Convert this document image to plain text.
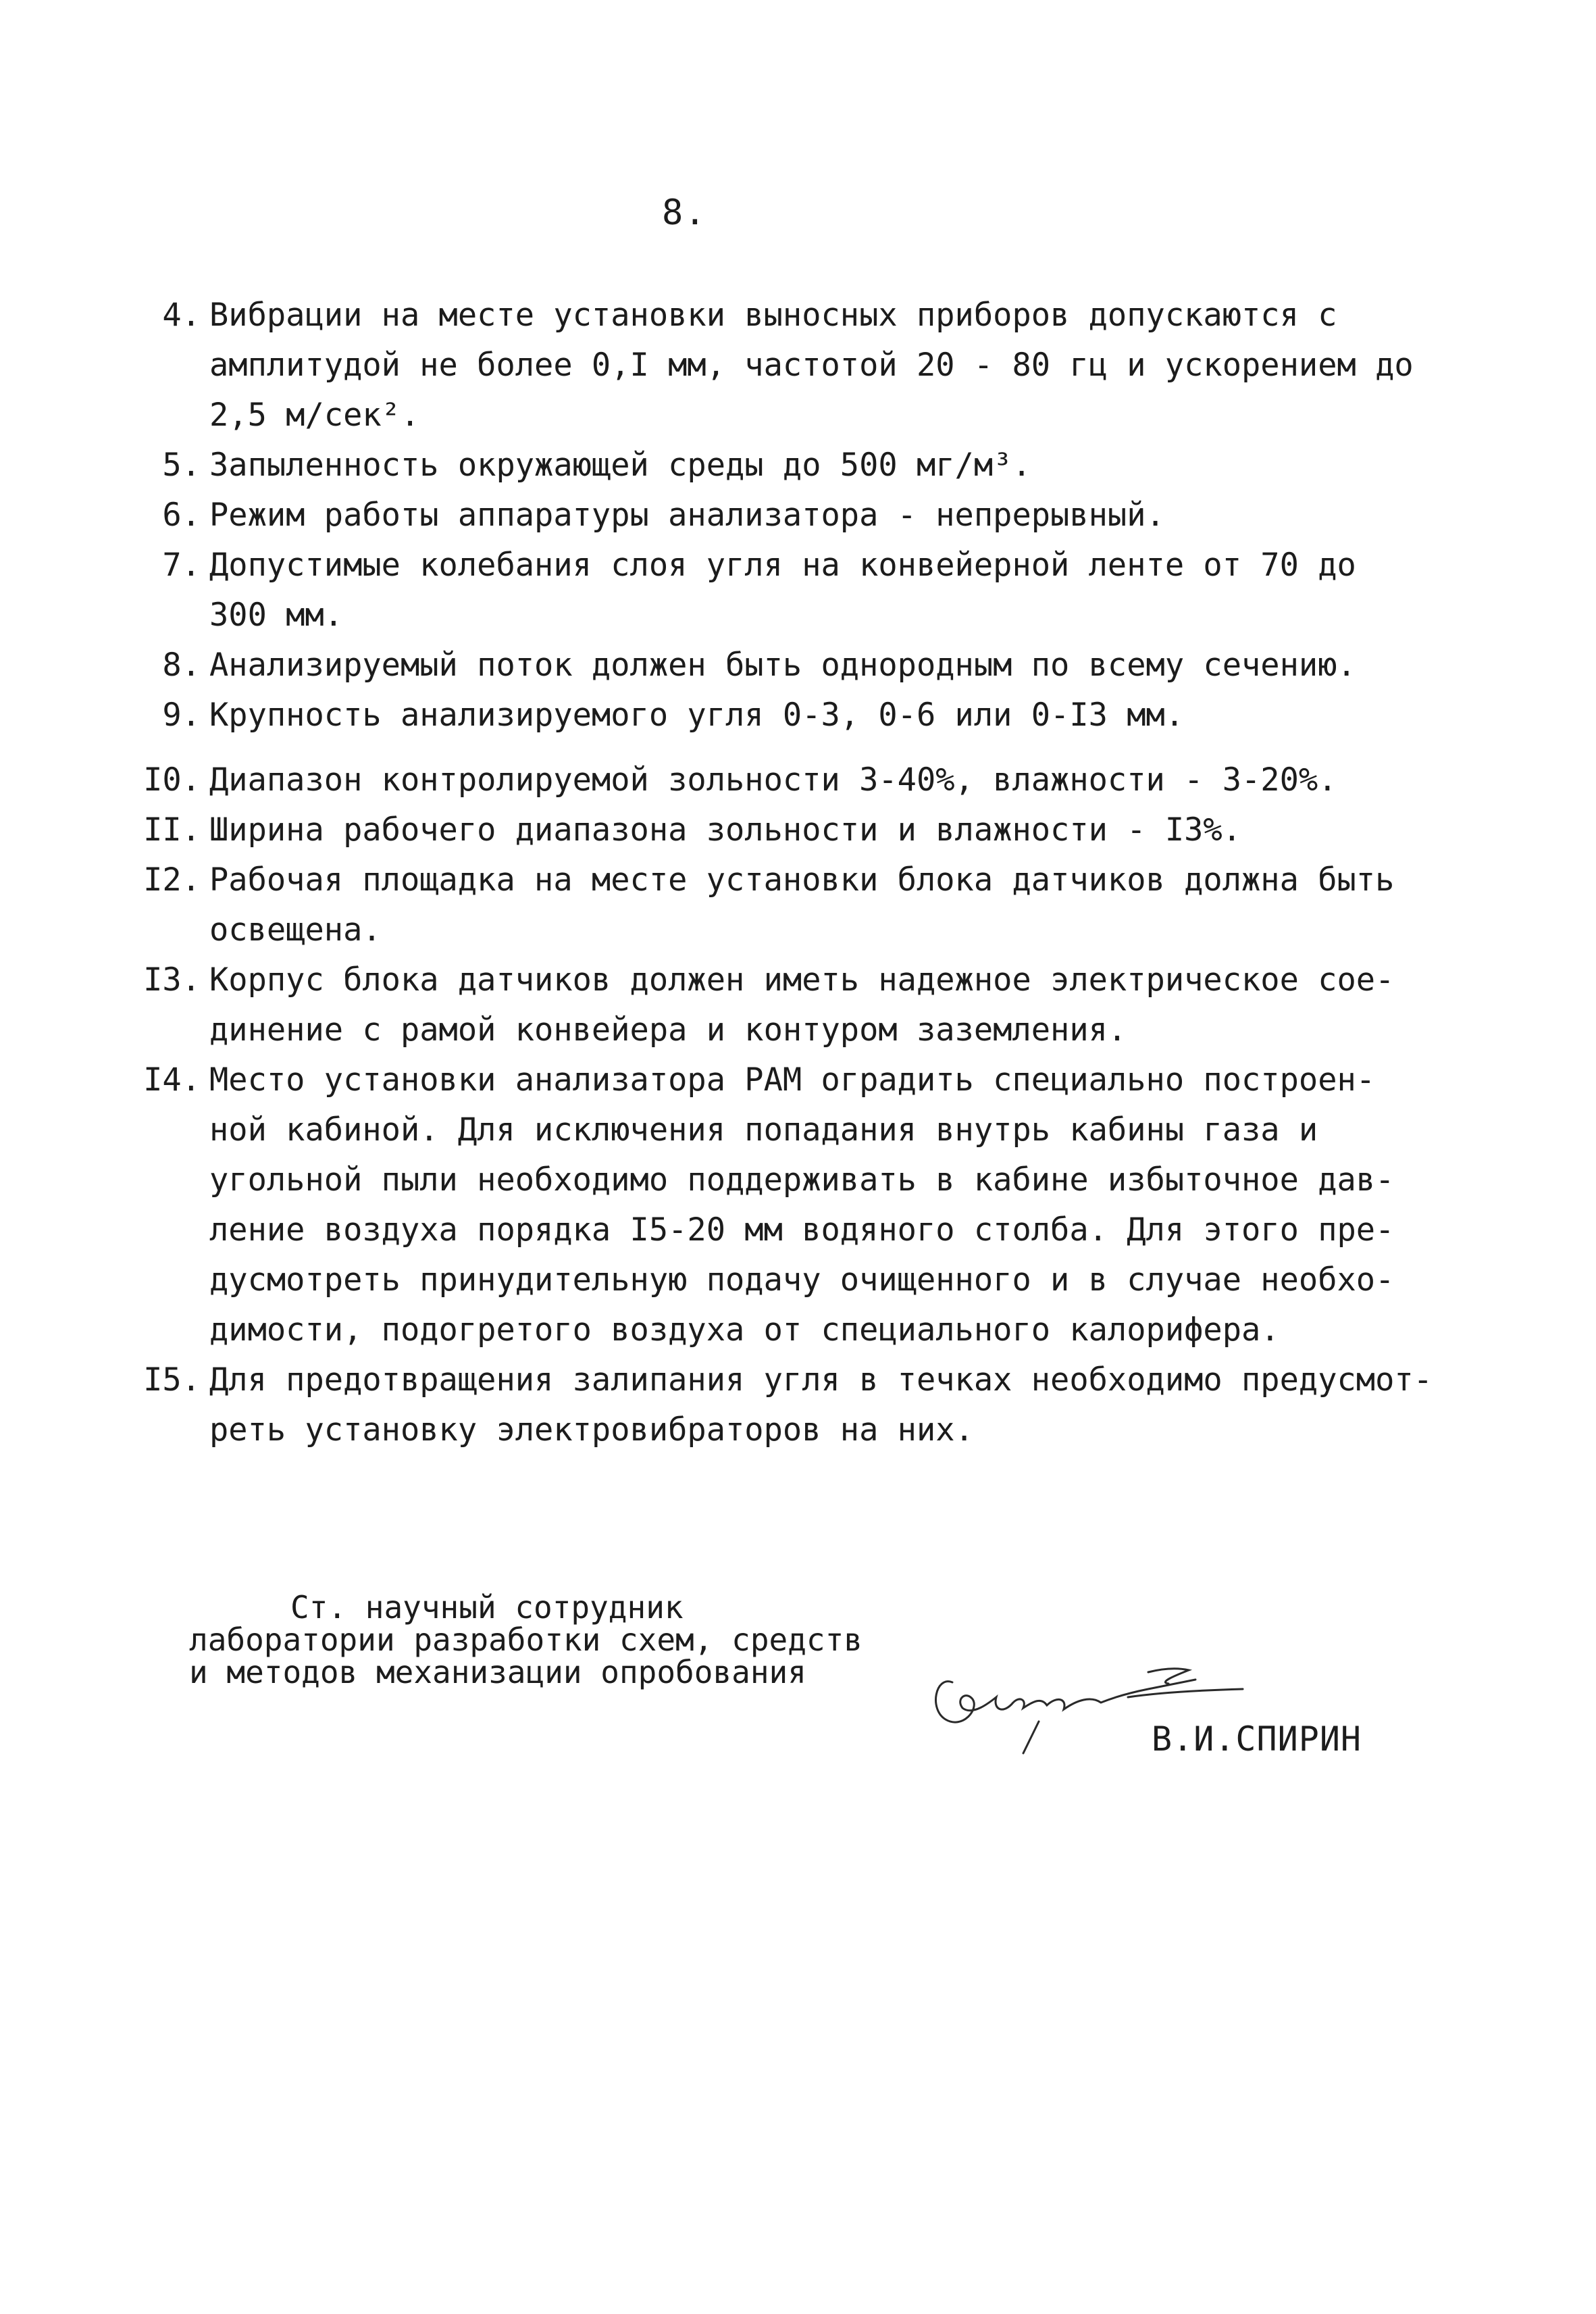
8.
4. Вибрации на месте установки выносных приборов допускаются с
амплитудой не более 0,I мм, частотой 20 - 80 гц и ускорением до
2,5 м/сек².
5. Запыленность окружающей среды до 500 мг/м³.
6. Режим работы аппаратуры анализатора - непрерывный.
7. Допустимые колебания слоя угля на конвейерной ленте от 70 до
300 мм.
8. Анализируемый поток должен быть однородным по всему сечению.
9. Крупность анализируемого угля 0-3, 0-6 или 0-I3 мм.
I0. Диапазон контролируемой зольности 3-40%, влажности - 3-20%.
II. Ширина рабочего диапазона зольности и влажности - I3%.
I2. Рабочая площадка на месте установки блока датчиков должна быть
освещена.
I3. Корпус блока датчиков должен иметь надежное электрическое сое-
динение с рамой конвейера и контуром заземления.
I4. Место установки анализатора РАМ оградить специально построен-
ной кабиной. Для исключения попадания внутрь кабины газа и
угольной пыли необходимо поддерживать в кабине избыточное дав-
ление воздуха порядка I5-20 мм водяного столба. Для этого пре-
дусмотреть принудительную подачу очищенного и в случае необхо-
димости, подогретого воздуха от специального калорифера.
I5. Для предотвращения залипания угля в течках необходимо предусмот-
реть установку электровибраторов на них.
Ст. научный сотрудник
лаборатории разработки схем, средств
и методов механизации опробования
В.И.СПИРИН
